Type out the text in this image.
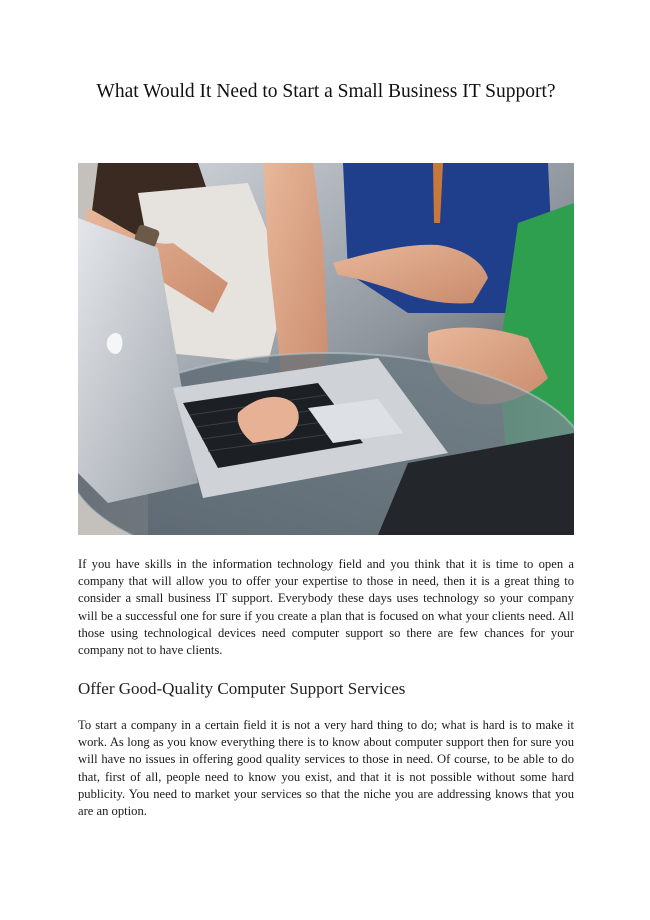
What Would It Need to Start a Small Business IT Support?

If you have skills in the information technology field and you think that it is time to open a company that will allow you to offer your expertise to those in need, then it is a great thing to consider a small business IT support. Everybody these days uses technology so your company will be a successful one for sure if you create a plan that is focused on what your clients need. All those using technological devices need computer support so there are few chances for your company not to have clients.

Offer Good-Quality Computer Support Services

To start a company in a certain field it is not a very hard thing to do; what is hard is to make it work. As long as you know everything there is to know about computer support then for sure you will have no issues in offering good quality services to those in need. Of course, to be able to do that, first of all, people need to know you exist, and that it is not possible without some hard publicity. You need to market your services so that the niche you are addressing knows that you are an option.
